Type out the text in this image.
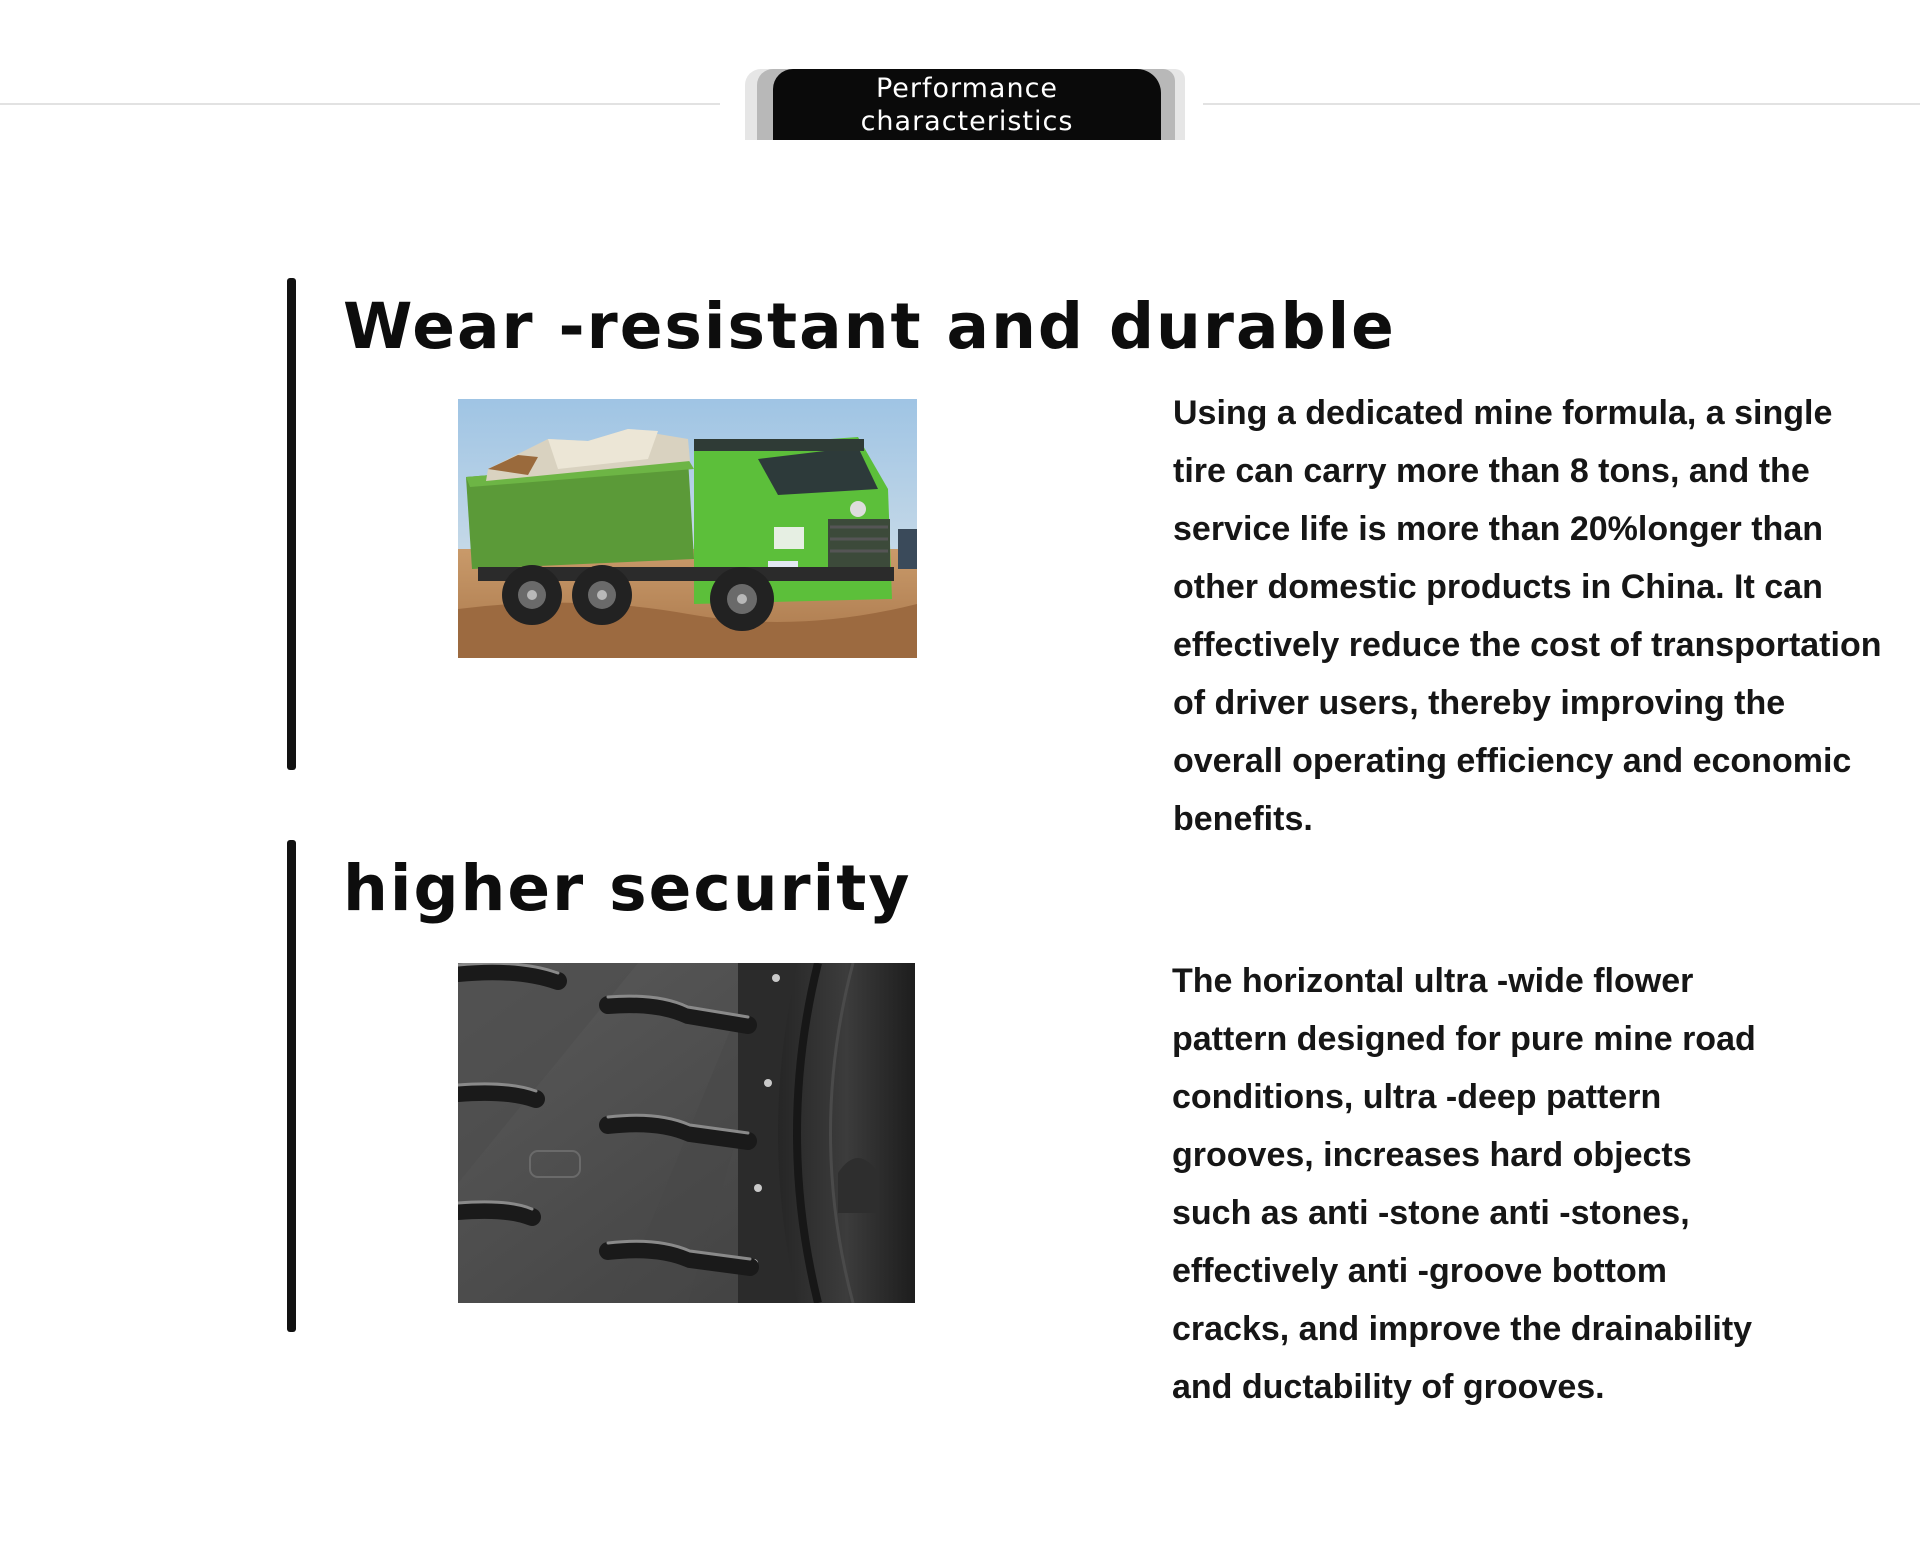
Performance
characteristics
Wear -resistant and durable

Using a dedicated mine formula, a single
tire can carry more than 8 tons, and the
service life is more than 20%longer than
other domestic products in China. It can
effectively reduce the cost of transportation
of driver users, thereby improving the
overall operating efficiency and economic
benefits.

higher security

The horizontal ultra -wide flower
pattern designed for pure mine road
conditions, ultra -deep pattern
grooves, increases hard objects
such as anti -stone anti -stones,
effectively anti -groove bottom
cracks, and improve the drainability
and ductability of grooves.
